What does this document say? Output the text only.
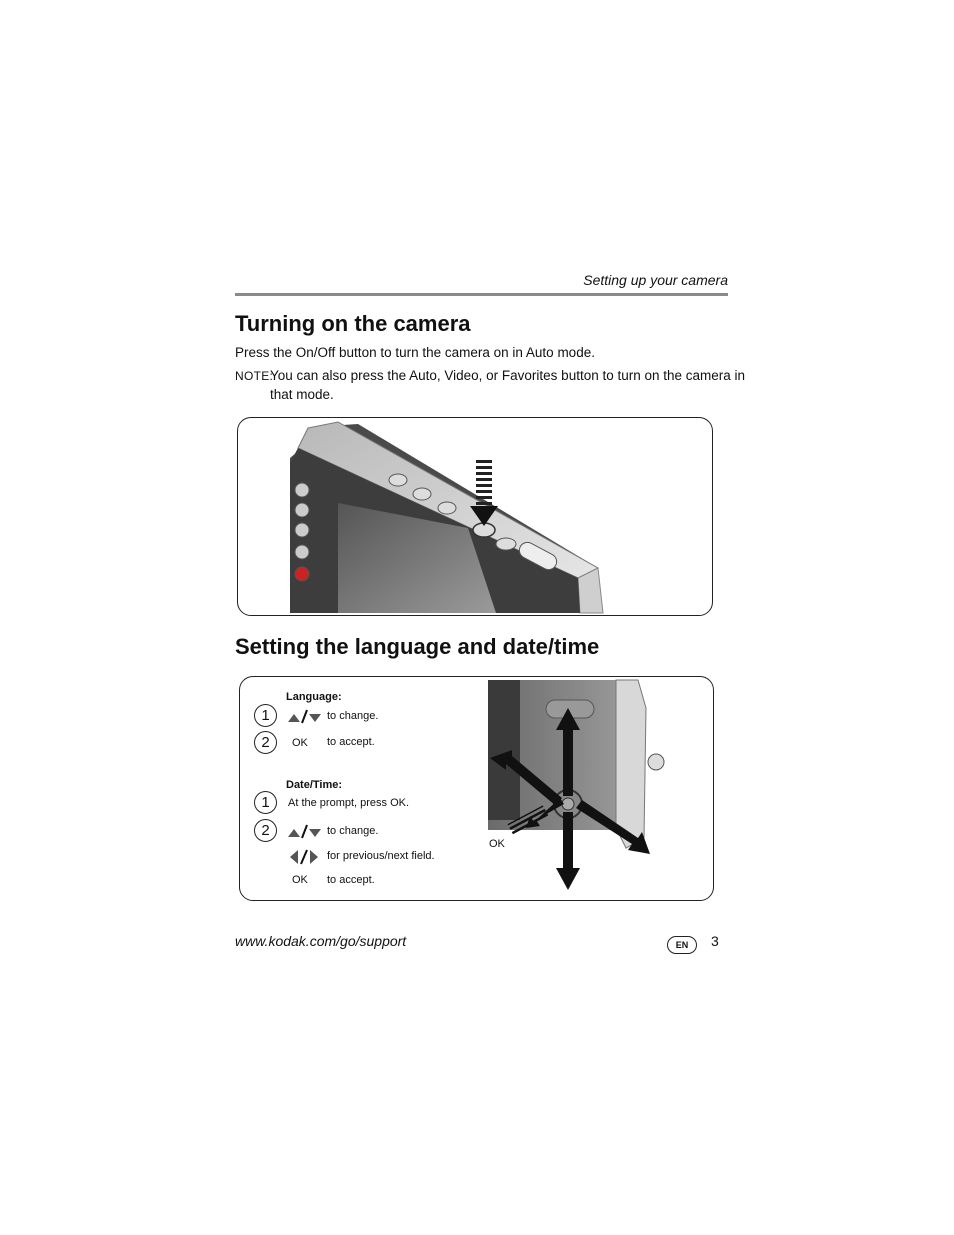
Setting up your camera
Turning on the camera
Press the On/Off button to turn the camera on in Auto mode.
NOTE:
You can also press the Auto, Video, or Favorites button to turn on the camera in
that mode.
Setting the language and date/time
Language:
1	to change.
2	OK to accept.
Date/Time:
1	At the prompt, press OK.
2	to change.
for previous/next field.
OK to accept.
OK
www.kodak.com/go/support	EN	3
